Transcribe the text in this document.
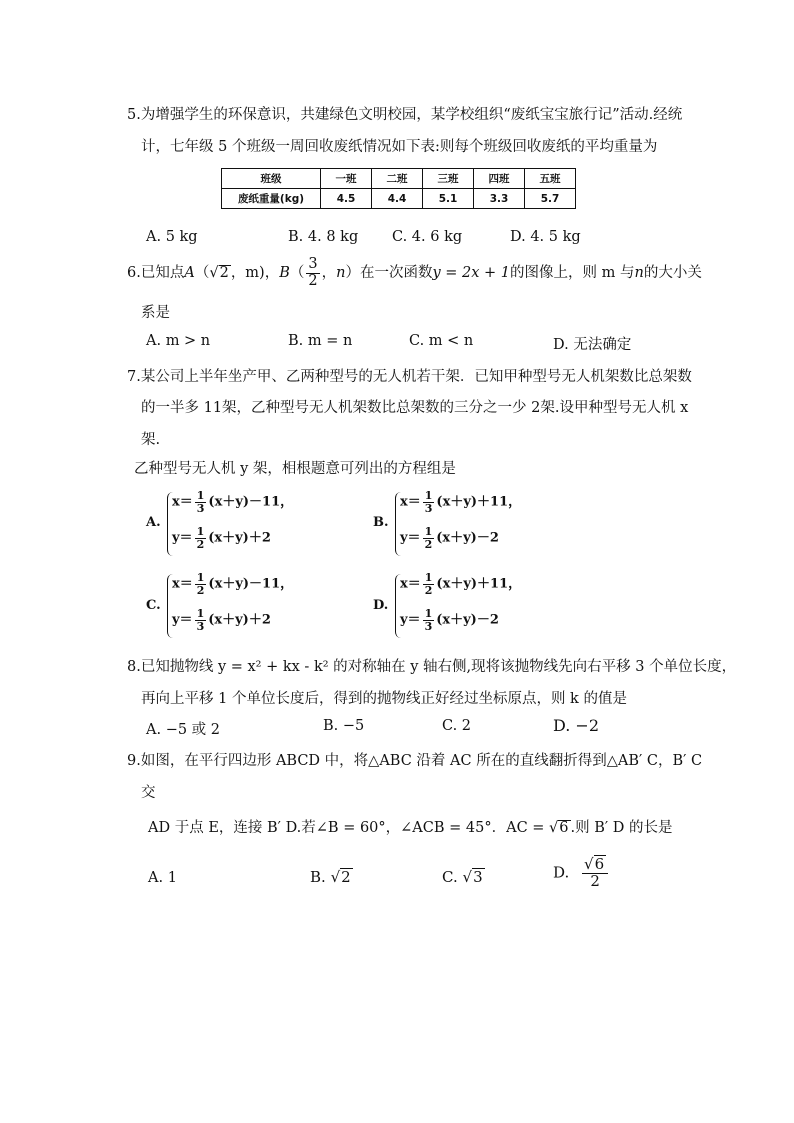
5.为增强学生的环保意识，共建绿色文明校园，某学校组织“废纸宝宝旅行记”活动.经统
计，七年级 5 个班级一周回收废纸情况如下表:则每个班级回收废纸的平均重量为
班级	一班	二班	三班	四班	五班
废纸重量(kg)	4.5	4.4	5.1	3.3	5.7
A. 5 kg	B. 4. 8 kg C. 4. 6 kg	D. 4. 5 kg
6.已知点A（√2 ，m)，$B( \frac{3}{2}$ ，n）在一次函数y = 2x + 1的图像上，则 m 与n的大小关
系是
A. m > n	B. m = n	C. m < n	D. 无法确定
7.某公司上半年坐产甲、乙两种型号的无人机若干架．已知甲种型号无人机架数比总架数
的一半多 11架，乙种型号无人机架数比总架数的三分之一少 2架.设甲种型号无人机 x
架.
乙种型号无人机 y 架，相根题意可列出的方程组是
A.
$x= \frac{1}{3} (x+y)-11$，
$y= \frac{1}{2} (x+y)+2$
B.
$x= \frac{1}{3} (x+y)+11$，
$y= \frac{1}{2} (x+y)-2$
C.
$x= \frac{1}{2} (x+y)-11$，
$y= \frac{1}{3} (x+y)+2$
D.
$x= \frac{1}{2} (x+y)+11$，
$y= \frac{1}{3} (x+y)-2$
8.已知抛物线 y = x² + kx - k² 的对称轴在 y 轴右侧,现将该抛物线先向右平移 3 个单位长度，
再向上平移 1 个单位长度后，得到的抛物线正好经过坐标原点，则 k 的值是
A. −5 或 2	B. −5	C. 2	D. −2
9.如图，在平行四边形 ABCD 中，将△ABC 沿着 AC 所在的直线翻折得到△AB′ C，B′ C
交
AD 于点 E，连接 B′ D.若∠B = 60°，∠ACB = 45°．AC = √6 .则 B′ D 的长是
A. 1	B. √2	C. √3	D. $\frac{√6}{2}$
